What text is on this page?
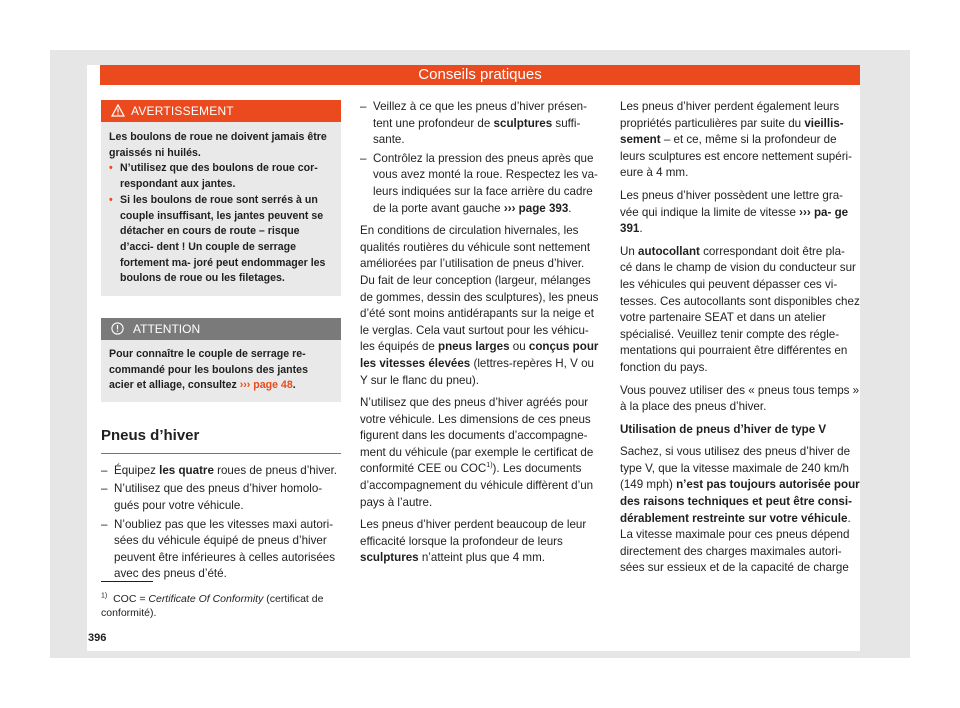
Conseils pratiques
AVERTISSEMENT

Les boulons de roue ne doivent jamais être graissés ni huilés.

• N’utilisez que des boulons de roue cor- respondant aux jantes.
• Si les boulons de roue sont serrés à un couple insuffisant, les jantes peuvent se détacher en cours de route – risque d’acci- dent ! Un couple de serrage fortement ma- joré peut endommager les boulons de roue ou les filetages.
ATTENTION
Pour connaître le couple de serrage re- commandé pour les boulons des jantes acier et alliage, consultez ››› page 48.
Pneus d’hiver
– Équipez les quatre roues de pneus d’hiver.
– N’utilisez que des pneus d’hiver homolo- gués pour votre véhicule.
– N’oubliez pas que les vitesses maxi autori- sées du véhicule équipé de pneus d’hiver peuvent être inférieures à celles autorisées avec des pneus d’été.
– Veillez à ce que les pneus d’hiver présen- tent une profondeur de sculptures suffi- sante.
– Contrôlez la pression des pneus après que vous avez monté la roue. Respectez les va- leurs indiquées sur la face arrière du cadre de la porte avant gauche ››› page 393.

En conditions de circulation hivernales, les qualités routières du véhicule sont nettement améliorées par l’utilisation de pneus d’hiver. Du fait de leur conception (largeur, mélanges de gommes, dessin des sculptures), les pneus d’été sont moins antidérapants sur la neige et le verglas. Cela vaut surtout pour les véhicu- les équipés de pneus larges ou conçus pour les vitesses élevées (lettres-repères H, V ou Y sur le flanc du pneu).

N’utilisez que des pneus d’hiver agréés pour votre véhicule. Les dimensions de ces pneus figurent dans les documents d’accompagne- ment du véhicule (par exemple le certificat de conformité CEE ou COC$^{1)}$). Les documents d’accompagnement du véhicule diffèrent d’un pays à l’autre.

Les pneus d’hiver perdent beaucoup de leur efficacité lorsque la profondeur de leurs sculptures n’atteint plus que 4 mm.

Les pneus d’hiver perdent également leurs propriétés particulières par suite du vieillis- sement – et ce, même si la profondeur de leurs sculptures est encore nettement supéri- eure à 4 mm.

Les pneus d’hiver possèdent une lettre gra- vée qui indique la limite de vitesse ››› pa- ge 391.

Un autocollant correspondant doit être pla- cé dans le champ de vision du conducteur sur les véhicules qui peuvent dépasser ces vi- tesses. Ces autocollants sont disponibles chez votre partenaire SEAT et dans un atelier spécialisé. Veuillez tenir compte des régle- mentations qui pourraient être différentes en fonction du pays.

Vous pouvez utiliser des « pneus tous temps » à la place des pneus d’hiver.

Utilisation de pneus d’hiver de type V

Sachez, si vous utilisez des pneus d’hiver de type V, que la vitesse maximale de 240 km/h (149 mph) n’est pas toujours autorisée pour des raisons techniques et peut être consi- dérablement restreinte sur votre véhicule. La vitesse maximale pour ces pneus dépend directement des charges maximales autori- sées sur essieux et de la capacité de charge

$^{1)}$ COC = Certificate Of Conformity (certificat de conformité).
396
